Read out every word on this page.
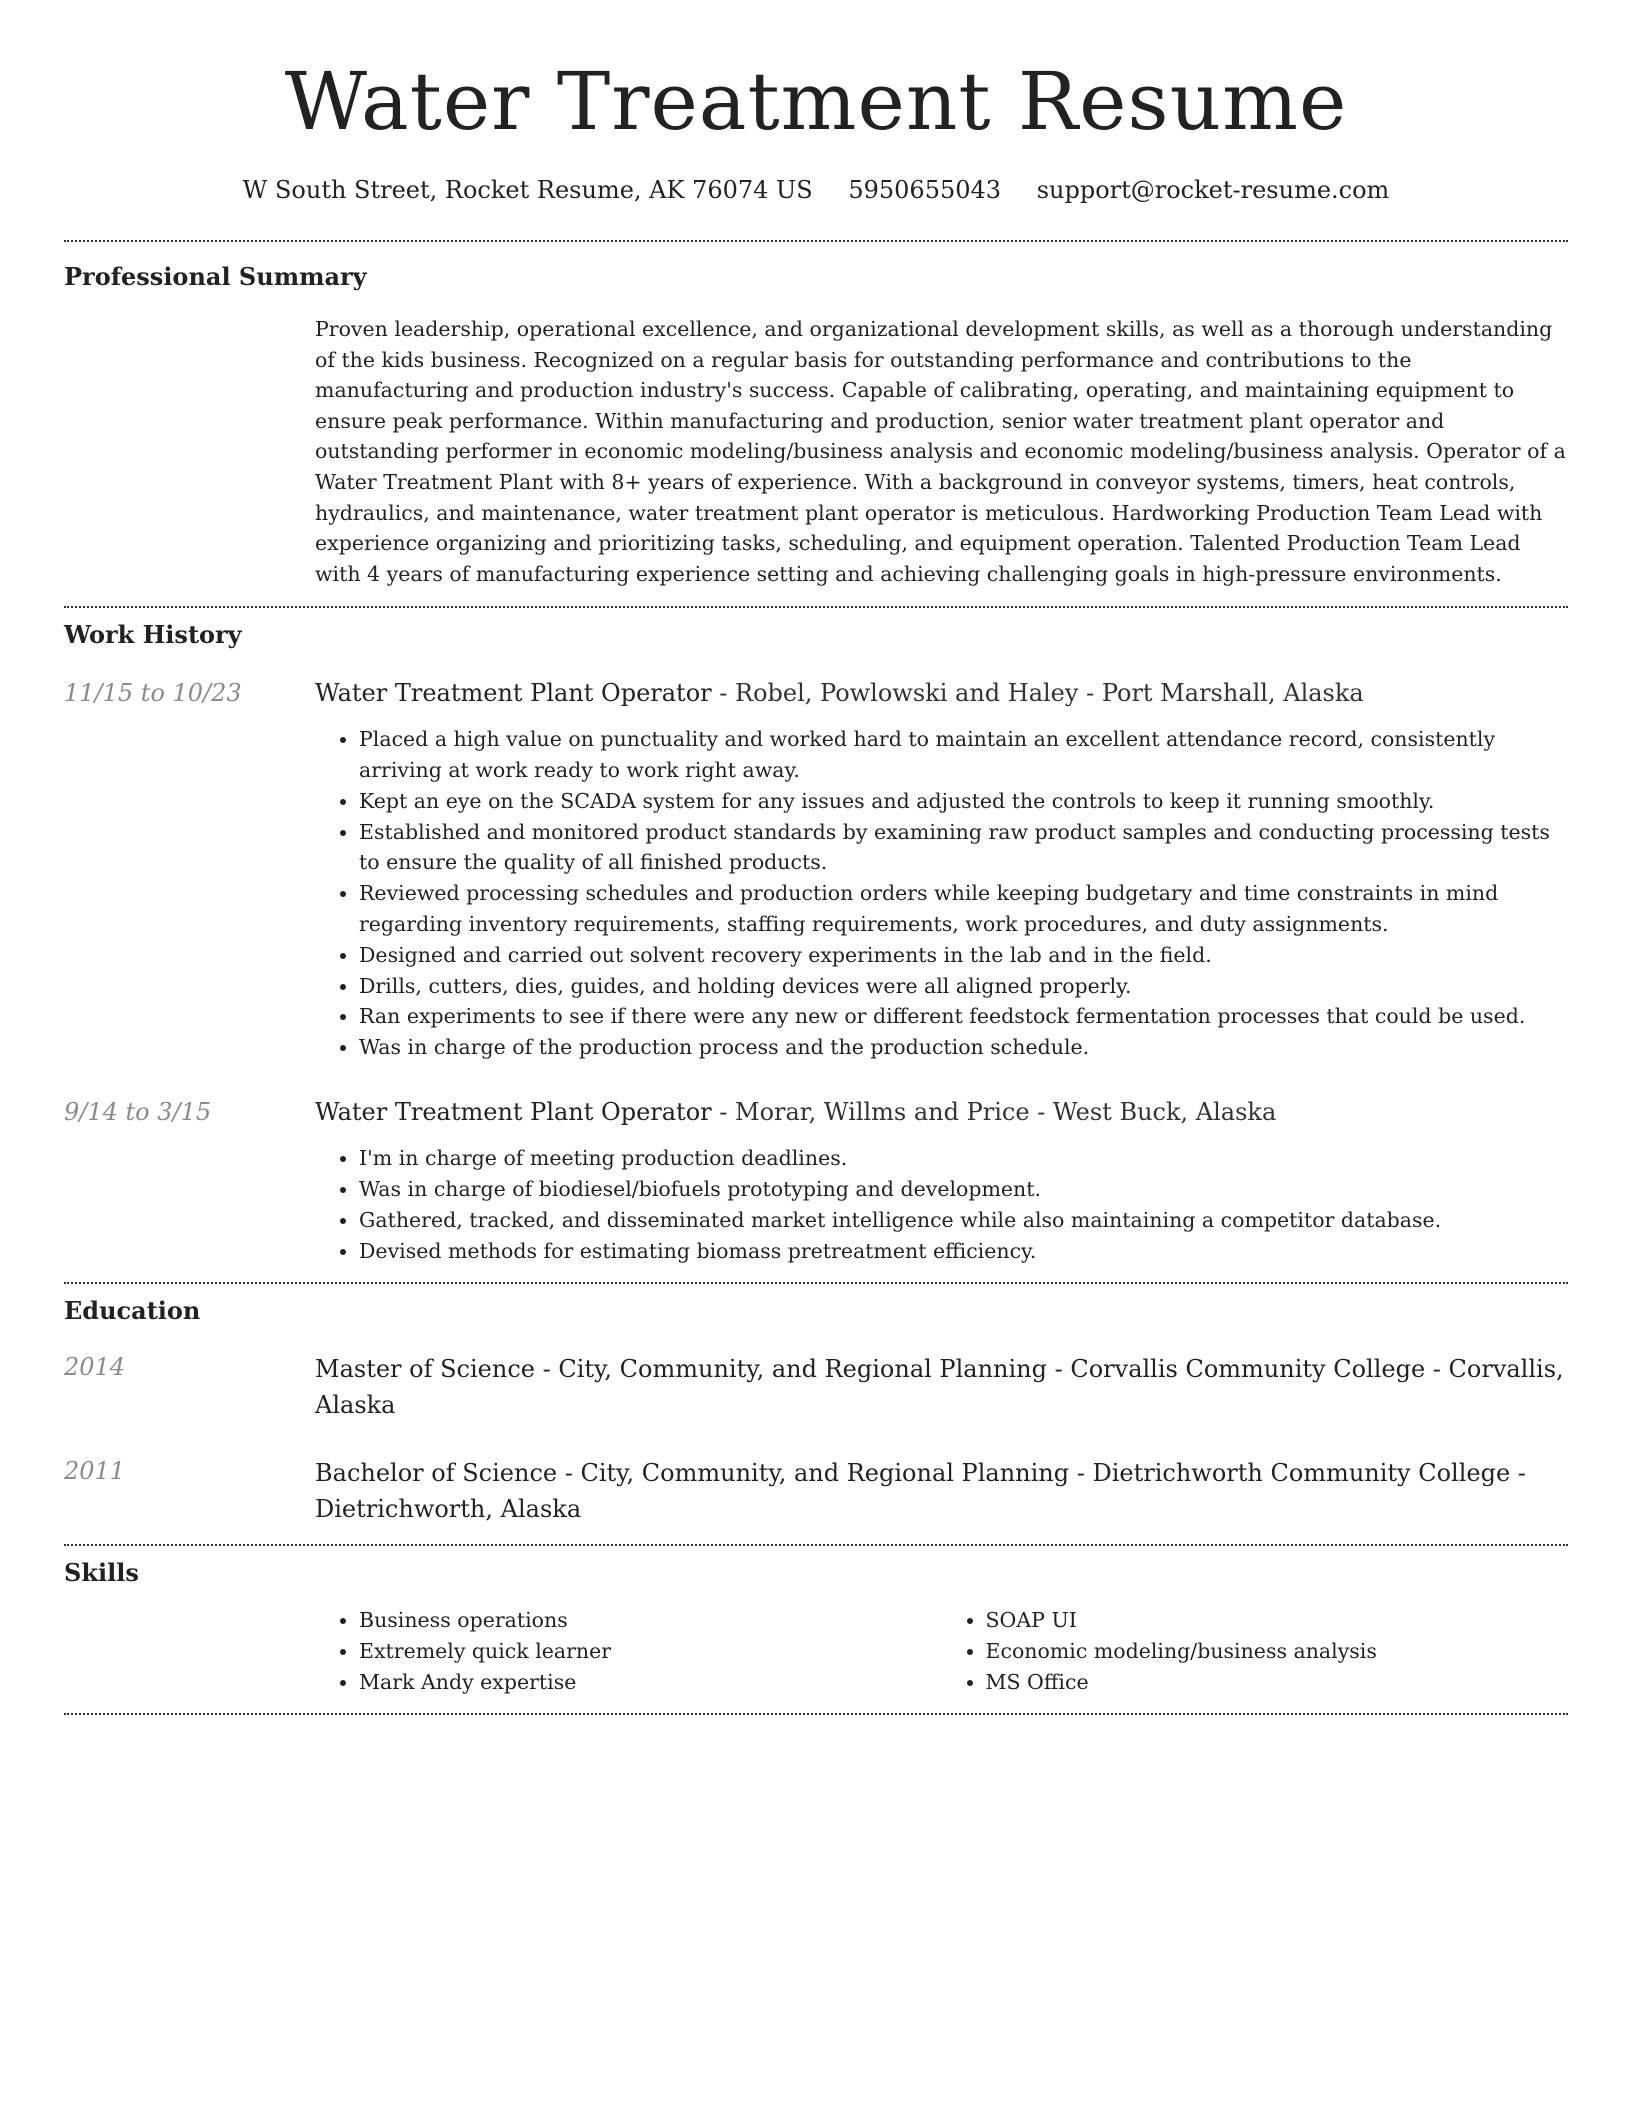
Water Treatment Resume
W South Street, Rocket Resume, AK 76074 US 5950655043 support@rocket-resume.com
Professional Summary

Proven leadership, operational excellence, and organizational development skills, as well as a thorough understanding of the kids business. Recognized on a regular basis for outstanding performance and contributions to the manufacturing and production industry's success. Capable of calibrating, operating, and maintaining equipment to ensure peak performance. Within manufacturing and production, senior water treatment plant operator and outstanding performer in economic modeling/business analysis and economic modeling/business analysis. Operator of a Water Treatment Plant with 8+ years of experience. With a background in conveyor systems, timers, heat controls, hydraulics, and maintenance, water treatment plant operator is meticulous. Hardworking Production Team Lead with experience organizing and prioritizing tasks, scheduling, and equipment operation. Talented Production Team Lead with 4 years of manufacturing experience setting and achieving challenging goals in high-pressure environments.

Work History
11/15 to 10/23	Water Treatment Plant Operator - Robel, Powlowski and Haley - Port Marshall, Alaska
• Placed a high value on punctuality and worked hard to maintain an excellent attendance record, consistently arriving at work ready to work right away.
• Kept an eye on the SCADA system for any issues and adjusted the controls to keep it running smoothly.
• Established and monitored product standards by examining raw product samples and conducting processing tests to ensure the quality of all finished products.
• Reviewed processing schedules and production orders while keeping budgetary and time constraints in mind regarding inventory requirements, staffing requirements, work procedures, and duty assignments.
• Designed and carried out solvent recovery experiments in the lab and in the field.
• Drills, cutters, dies, guides, and holding devices were all aligned properly.
• Ran experiments to see if there were any new or different feedstock fermentation processes that could be used.
• Was in charge of the production process and the production schedule.
9/14 to 3/15	Water Treatment Plant Operator - Morar, Willms and Price - West Buck, Alaska
• I'm in charge of meeting production deadlines.
• Was in charge of biodiesel/biofuels prototyping and development.
• Gathered, tracked, and disseminated market intelligence while also maintaining a competitor database.
• Devised methods for estimating biomass pretreatment efficiency.
Education
2014	Master of Science - City, Community, and Regional Planning - Corvallis Community College - Corvallis, Alaska
2011	Bachelor of Science - City, Community, and Regional Planning - Dietrichworth Community College - Dietrichworth, Alaska
Skills
• Business operations
• Extremely quick learner
• Mark Andy expertise
• SOAP UI
• Economic modeling/business analysis
• MS Office
